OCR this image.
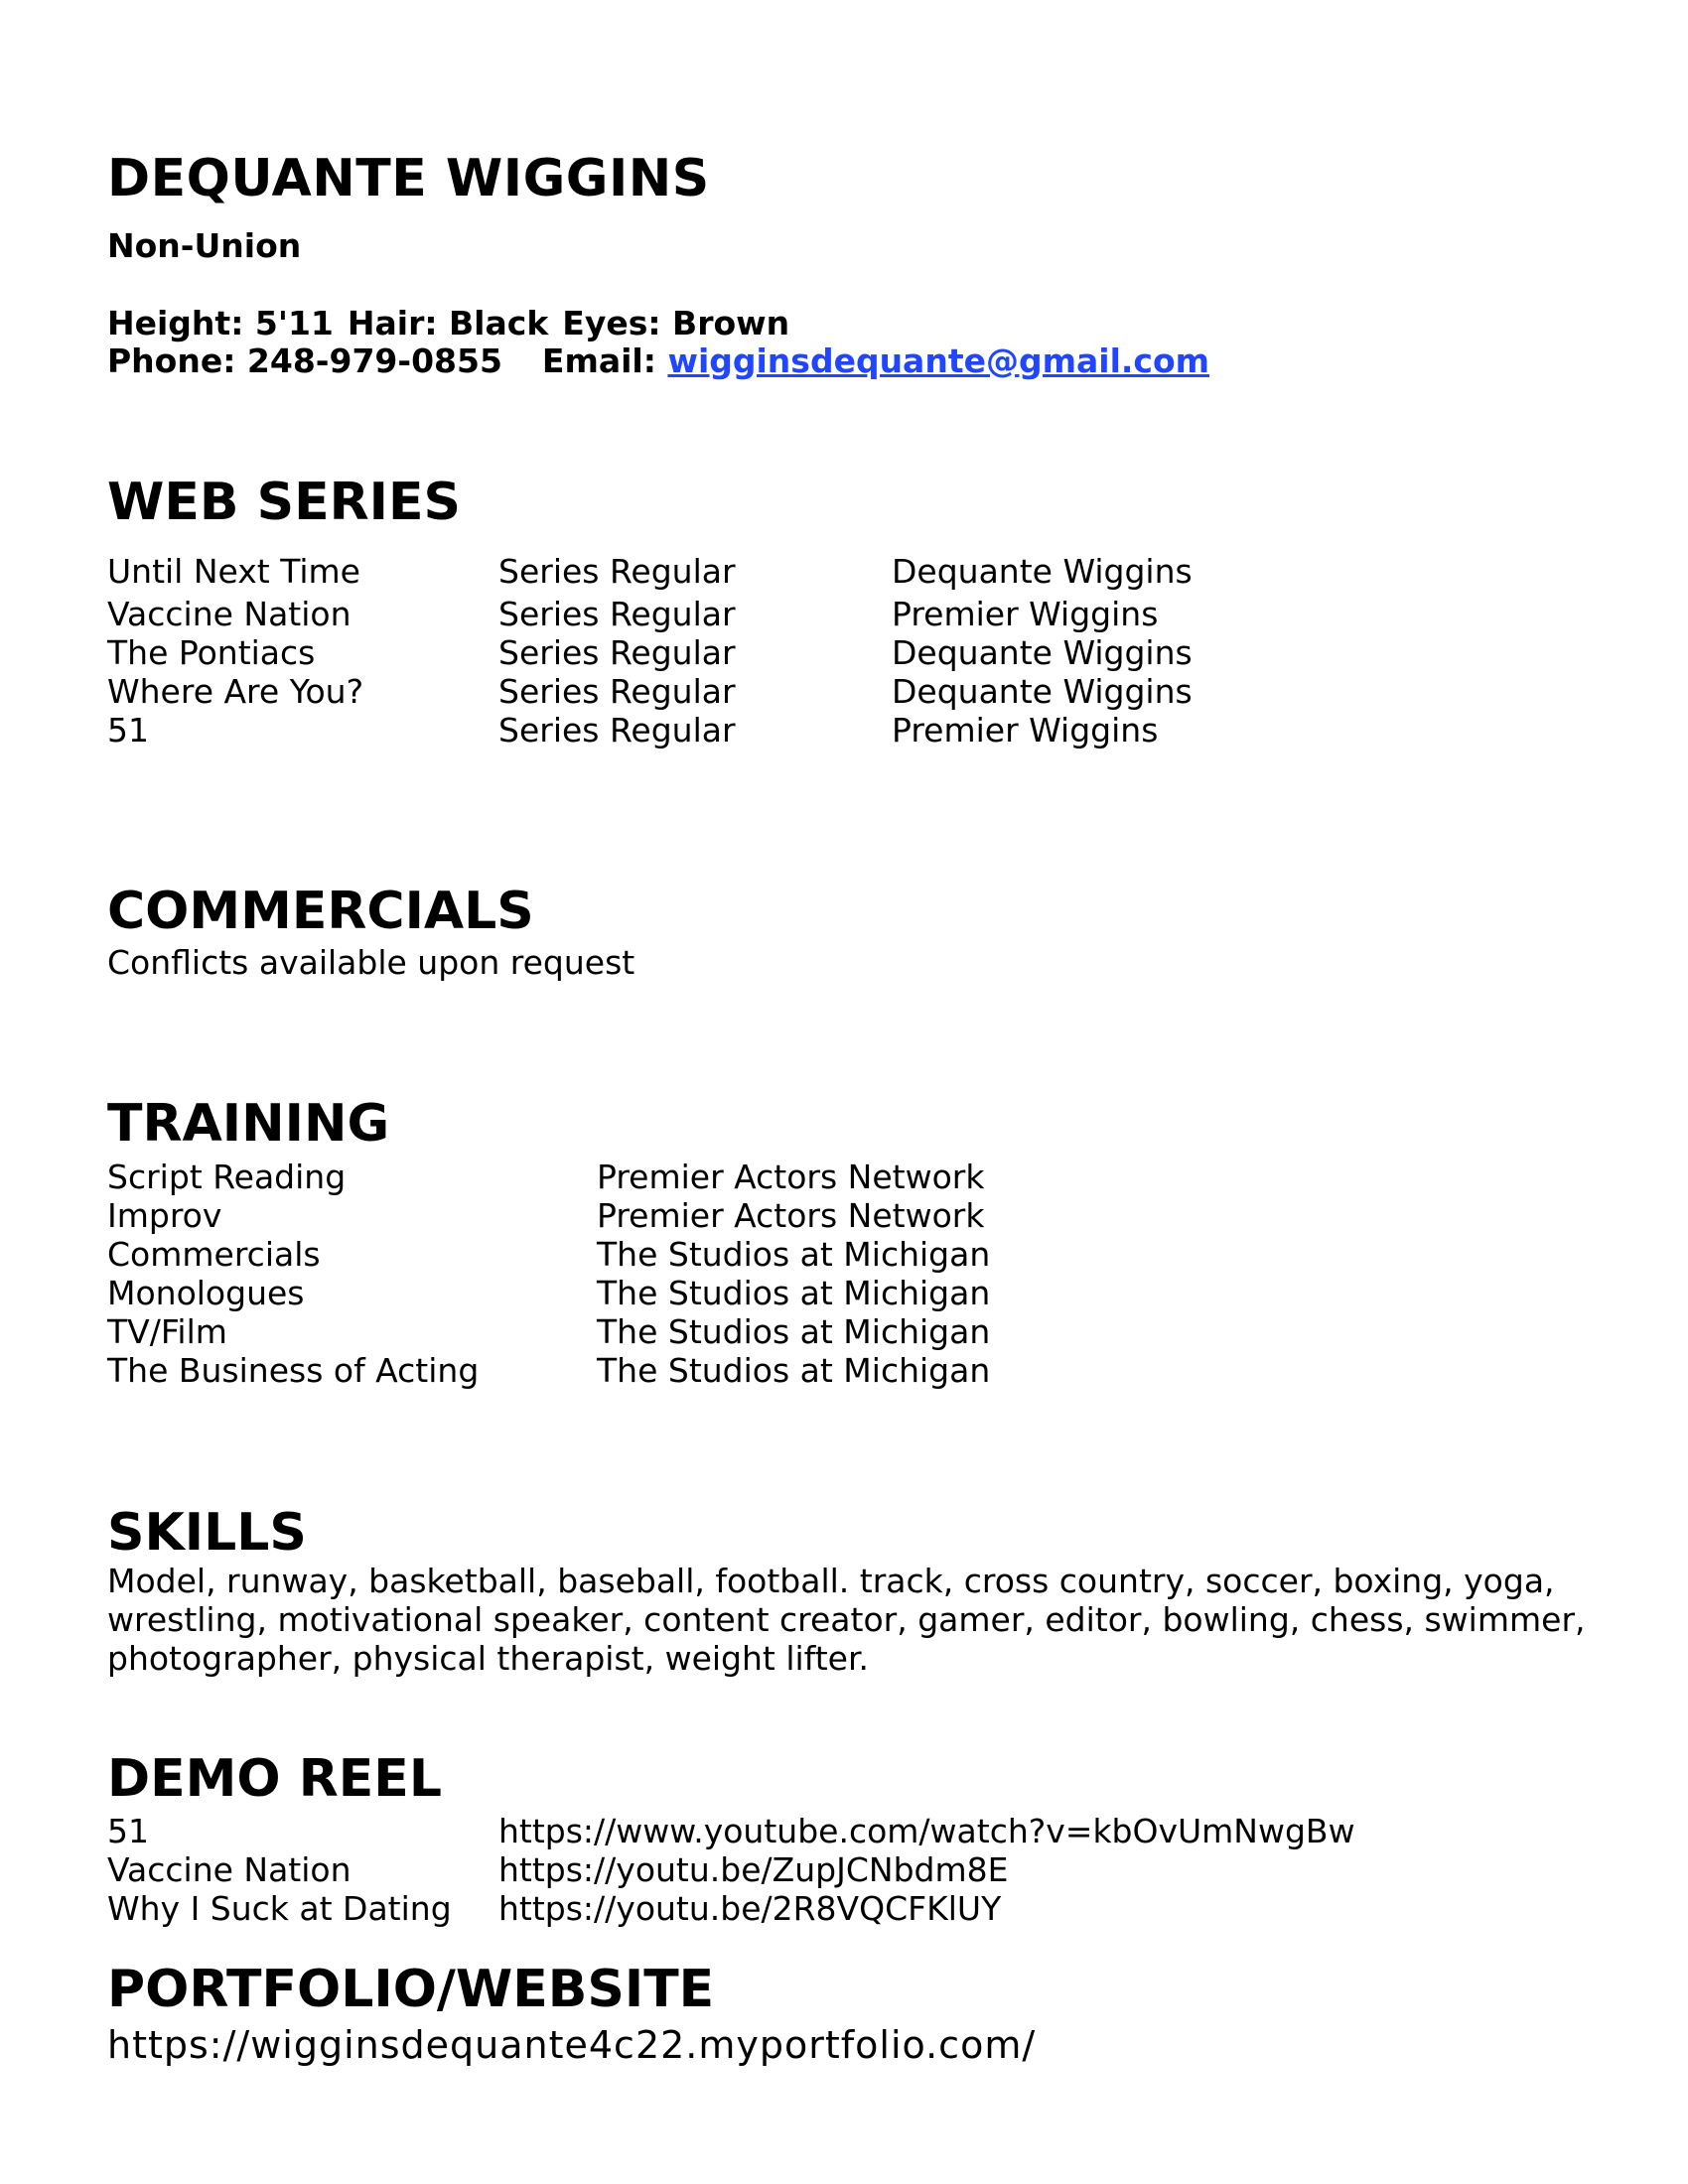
DEQUANTE WIGGINS
Non-Union
Height: 5'11 Hair: Black Eyes: Brown
Phone: 248-979-0855 Email: wigginsdequante@gmail.com
WEB SERIES
Until Next Time	Series Regular	Dequante Wiggins
Vaccine Nation	Series Regular	Premier Wiggins
The Pontiacs	Series Regular	Dequante Wiggins
Where Are You?	Series Regular	Dequante Wiggins
51	Series Regular	Premier Wiggins
COMMERCIALS
Conflicts available upon request
TRAINING
Script Reading	Premier Actors Network
Improv	Premier Actors Network
Commercials	The Studios at Michigan
Monologues	The Studios at Michigan
TV/Film	The Studios at Michigan
The Business of Acting	The Studios at Michigan
SKILLS
Model, runway, basketball, baseball, football. track, cross country, soccer, boxing, yoga, wrestling, motivational speaker, content creator, gamer, editor, bowling, chess, swimmer, photographer, physical therapist, weight lifter.
DEMO REEL
51	https://www.youtube.com/watch?v=kbOvUmNwgBw
Vaccine Nation	https://youtu.be/ZupJCNbdm8E
Why I Suck at Dating https://youtu.be/2R8VQCFKlUY
PORTFOLIO/WEBSITE
https://wigginsdequante4c22.myportfolio.com/
